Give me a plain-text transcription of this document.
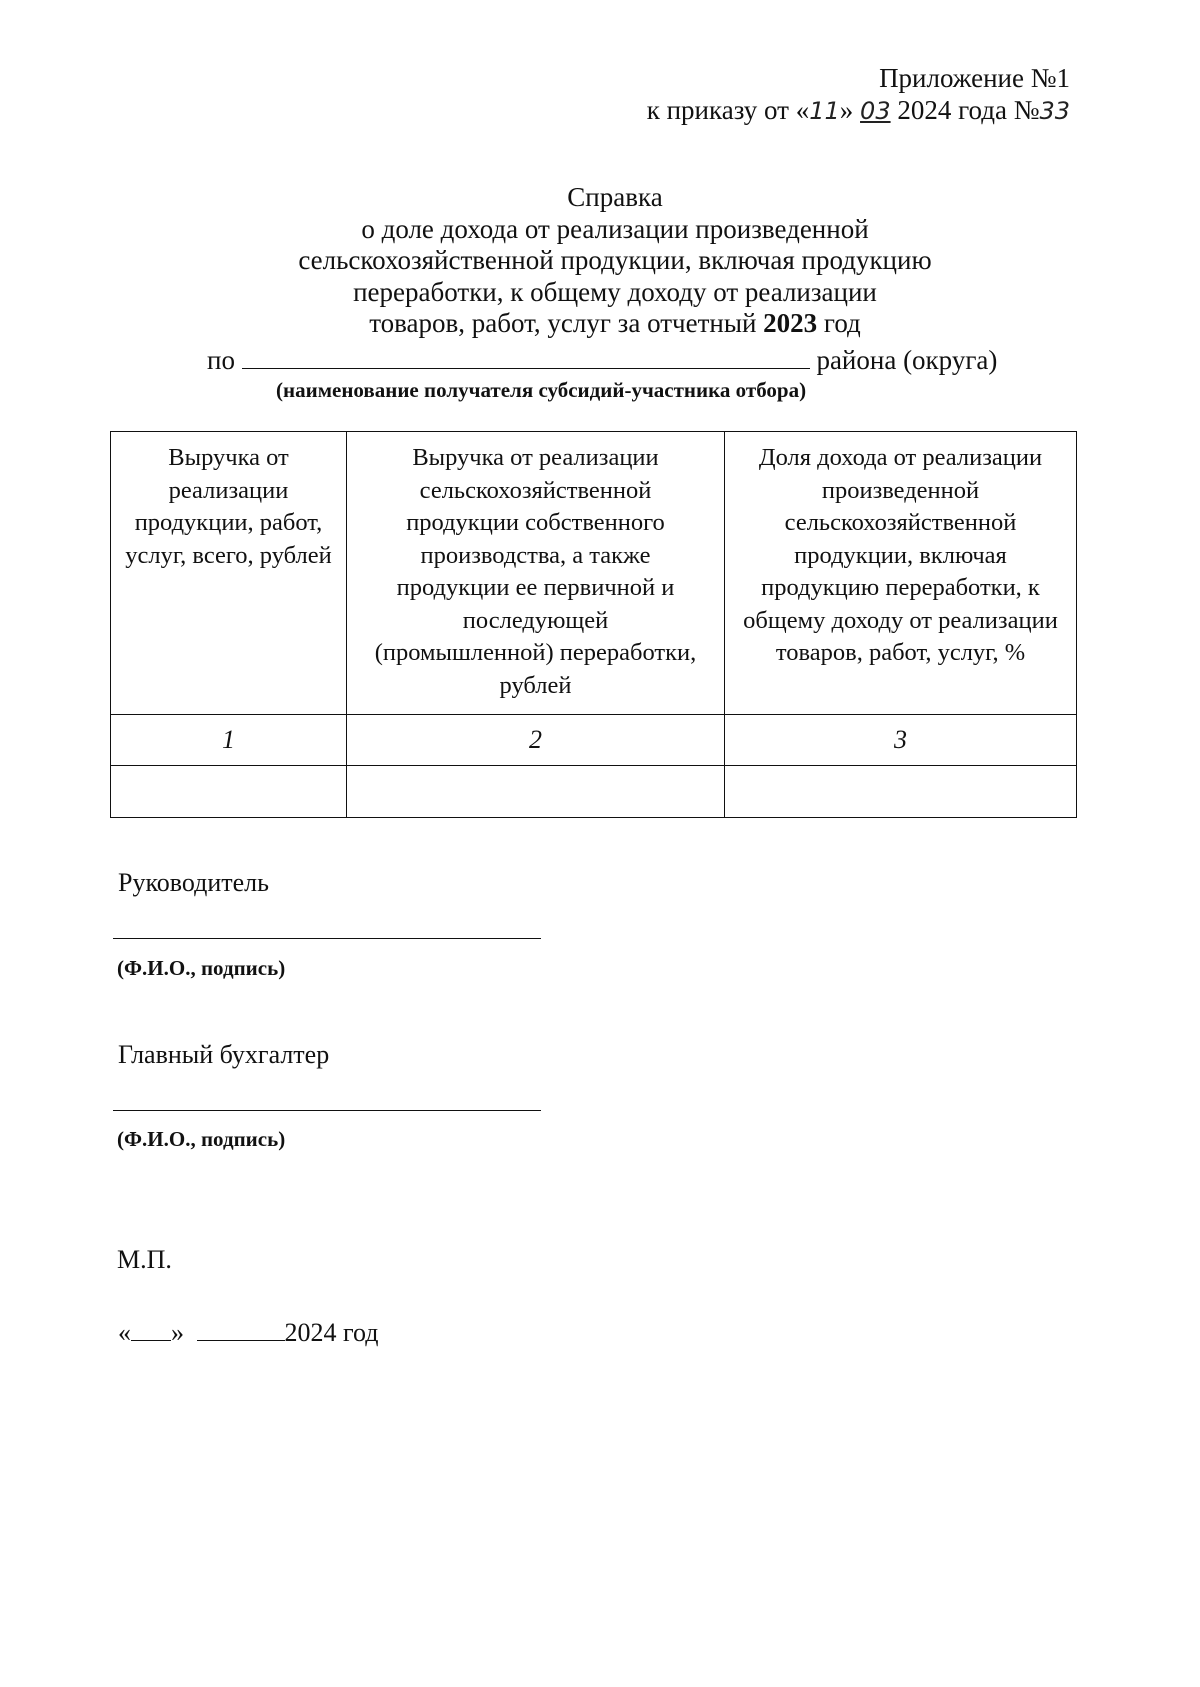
Приложение №1
к приказу от «11» 03 2024 года №33
Справка
о доле дохода от реализации произведенной
сельскохозяйственной продукции, включая продукцию
переработки, к общему доходу от реализации
товаров, работ, услуг за отчетный 2023 год
по	района (округа)
(наименование получателя субсидий-участника отбора)
Выручка от реализации продукции, работ, услуг, всего, рублей	Выручка от реализации сельскохозяйственной продукции собственного производства, а также продукции ее первичной и последующей (промышленной) переработки, рублей	Доля дохода от реализации произведенной сельскохозяйственной продукции, включая продукцию переработки, к общему доходу от реализации товаров, работ, услуг, %
1	2	3

Руководитель
(Ф.И.О., подпись)
Главный бухгалтер
(Ф.И.О., подпись)
М.П.
« »	2024 год
